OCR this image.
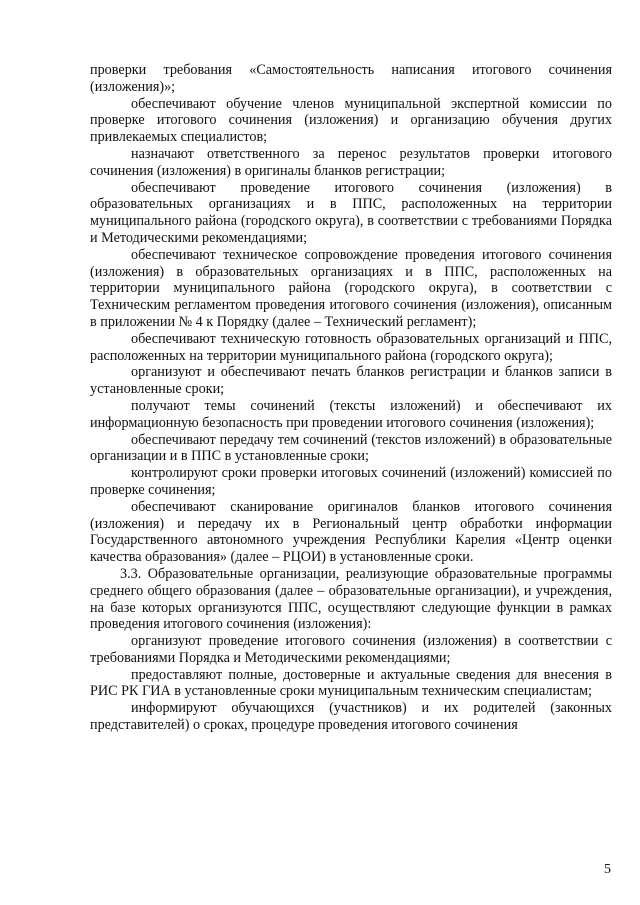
проверки требования «Самостоятельность написания итогового сочинения (изложения)»;

обеспечивают обучение членов муниципальной экспертной комиссии по проверке итогового сочинения (изложения) и организацию обучения других привлекаемых специалистов;

назначают ответственного за перенос результатов проверки итогового сочинения (изложения) в оригиналы бланков регистрации;

обеспечивают проведение итогового сочинения (изложения) в образовательных организациях и в ППС, расположенных на территории муниципального района (городского округа), в соответствии с требованиями Порядка и Методическими рекомендациями;

обеспечивают техническое сопровождение проведения итогового сочинения (изложения) в образовательных организациях и в ППС, расположенных на территории муниципального района (городского округа), в соответствии с Техническим регламентом проведения итогового сочинения (изложения), описанным в приложении № 4 к Порядку (далее – Технический регламент);

обеспечивают техническую готовность образовательных организаций и ППС, расположенных на территории муниципального района (городского округа);

организуют и обеспечивают печать бланков регистрации и бланков записи в установленные сроки;

получают темы сочинений (тексты изложений) и обеспечивают их информационную безопасность при проведении итогового сочинения (изложения);

обеспечивают передачу тем сочинений (текстов изложений) в образовательные организации и в ППС в установленные сроки;

контролируют сроки проверки итоговых сочинений (изложений) комиссией по проверке сочинения;

обеспечивают сканирование оригиналов бланков итогового сочинения (изложения) и передачу их в Региональный центр обработки информации Государственного автономного учреждения Республики Карелия «Центр оценки качества образования» (далее – РЦОИ) в установленные сроки.

3.3. Образовательные организации, реализующие образовательные программы среднего общего образования (далее – образовательные организации), и учреждения, на базе которых организуются ППС, осуществляют следующие функции в рамках проведения итогового сочинения (изложения):

организуют проведение итогового сочинения (изложения) в соответствии с требованиями Порядка и Методическими рекомендациями;

предоставляют полные, достоверные и актуальные сведения для внесения в РИС РК ГИА в установленные сроки муниципальным техническим специалистам;

информируют обучающихся (участников) и их родителей (законных представителей) о сроках, процедуре проведения итогового сочинения

5
